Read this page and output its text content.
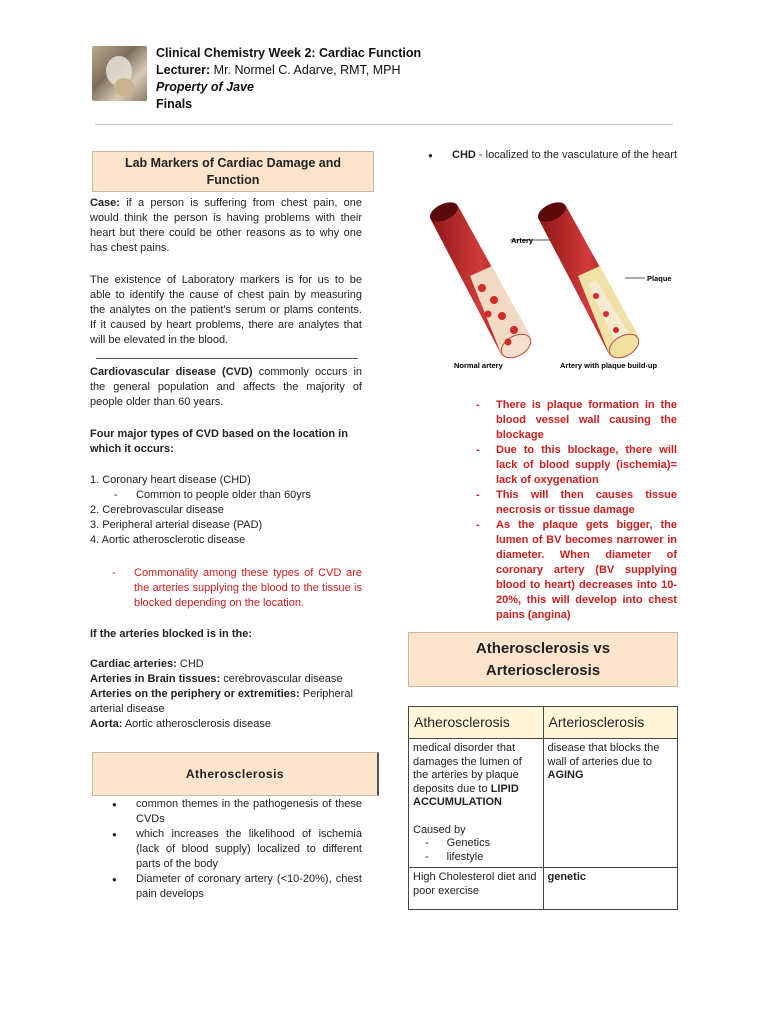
Clinical Chemistry Week 2: Cardiac Function
Lecturer: Mr. Normel C. Adarve, RMT, MPH
Property of Jave
Finals
Lab Markers of Cardiac Damage and
Function
Case: if a person is suffering from chest pain, one would think the person is having problems with their heart but there could be other reasons as to why one has chest pains.
The existence of Laboratory markers is for us to be able to identify the cause of chest pain by measuring the analytes on the patient's serum or plams contents. If it caused by heart problems, there are analytes that will be elevated in the blood.
Cardiovascular disease (CVD) commonly occurs in the general population and affects the majority of people older than 60 years.
Four major types of CVD based on the location in which it occurs:
1. Coronary heart disease (CHD)
- Common to people older than 60yrs
2. Cerebrovascular disease
3. Peripheral arterial disease (PAD)
4. Aortic atherosclerotic disease
-	Commonality among these types of CVD are the arteries supplying the blood to the tissue is blocked depending on the location.
If the arteries blocked is in the:
Cardiac arteries: CHD
Arteries in Brain tissues: cerebrovascular disease
Arteries on the periphery or extremities: Peripheral arterial disease
Aorta: Aortic atherosclerosis disease
Atherosclerosis
● common themes in the pathogenesis of these CVDs
● which increases the likelihood of ischemia (lack of blood supply) localized to different parts of the body
● Diameter of coronary artery (<10-20%), chest pain develops
●	CHD - localized to the vasculature of the heart
Artery
Plaque
Normal artery	Artery with plaque build-up
- There is plaque formation in the blood vessel wall causing the blockage
- Due to this blockage, there will lack of blood supply (ischemia)= lack of oxygenation
- This will then causes tissue necrosis or tissue damage
- As the plaque gets bigger, the lumen of BV becomes narrower in diameter. When diameter of coronary artery (BV supplying blood to heart) decreases into 10-20%, this will develop into chest pains (angina)
Atherosclerosis vs
Arteriosclerosis
Atherosclerosis	Arteriosclerosis
medical disorder that damages the lumen of the arteries by plaque deposits due to LIPID ACCUMULATION
Caused by
- Genetics
- lifestyle	disease that blocks the wall of arteries due to AGING
High Cholesterol diet and poor exercise	genetic
